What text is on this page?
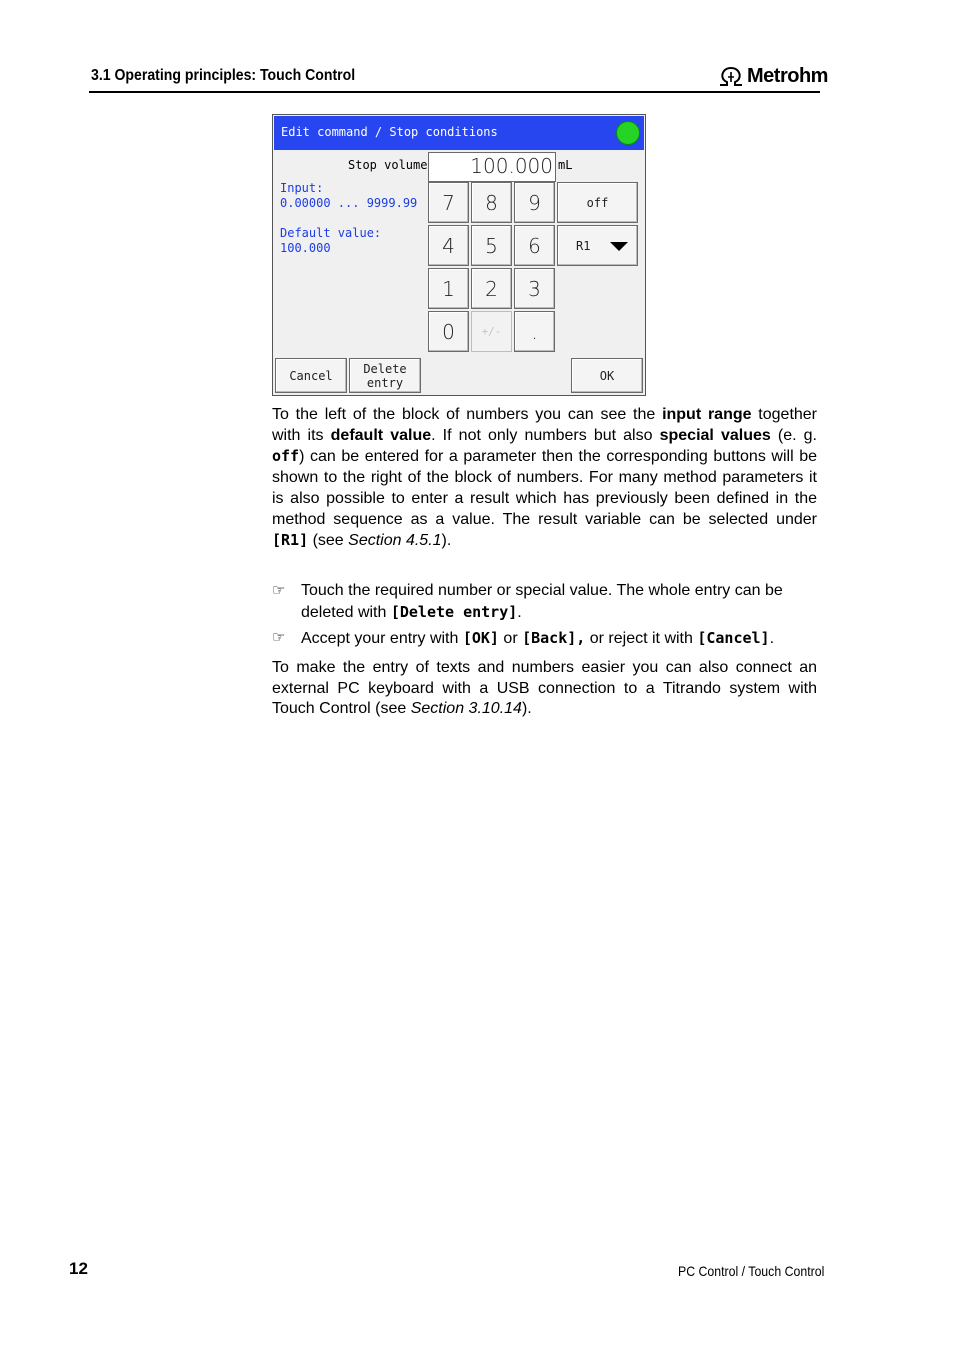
3.1 Operating principles: Touch Control	Metrohm
Edit command / Stop conditions
Stop volume	100.000 mL
Input:
0.00000 ... 9999.99
Default value:
100.000
7	8	9	off
4	5	6	R1
1	2	3
0	+/-	.
Cancel	Delete
entry	OK
To the left of the block of numbers you can see the input range together with its default value. If not only numbers but also special values (e. g. off) can be entered for a parameter then the corresponding buttons will be shown to the right of the block of numbers. For many method parameters it is also possible to enter a result which has previously been defined in the method sequence as a value. The result variable can be selected under [R1] (see Section 4.5.1).
☞ Touch the required number or special value. The whole entry can be deleted with [Delete entry].
☞ Accept your entry with [OK] or [Back], or reject it with [Cancel].
To make the entry of texts and numbers easier you can also connect an external PC keyboard with a USB connection to a Titrando system with Touch Control (see Section 3.10.14).
12	PC Control / Touch Control
